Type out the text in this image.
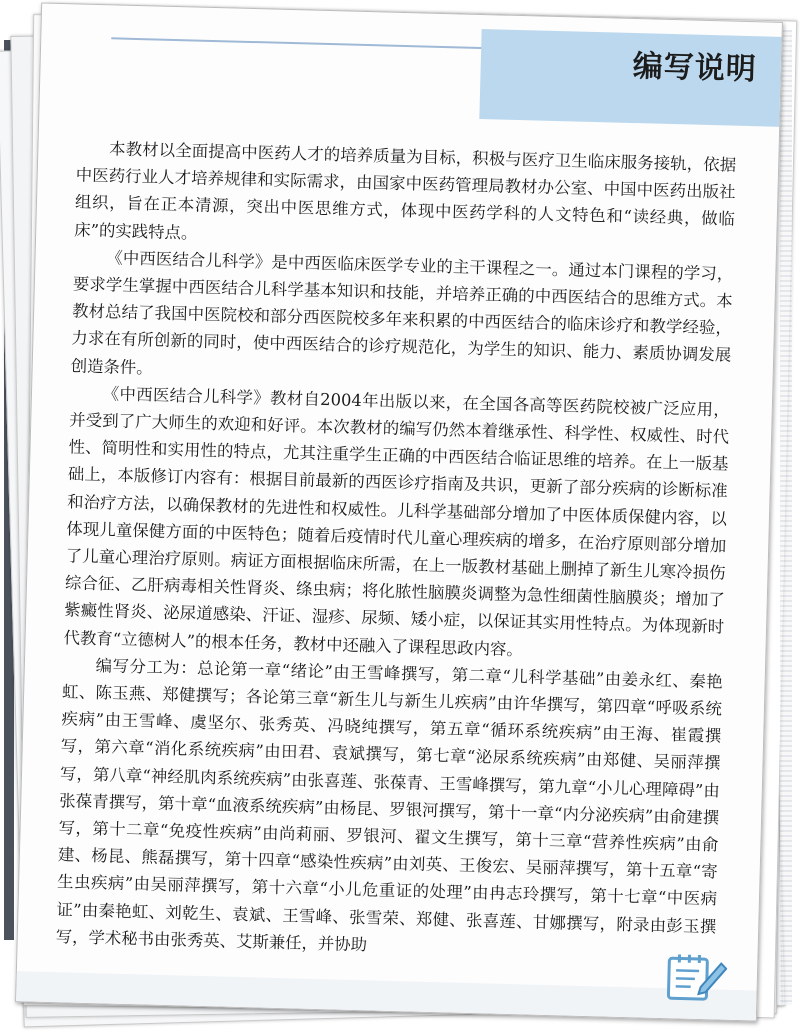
编写说明

本教材以全面提高中医药人才的培养质量为目标，积极与医疗卫生临床服务接轨，依据中医药行业人才培养规律和实际需求，由国家中医药管理局教材办公室、中国中医药出版社组织，旨在正本清源，突出中医思维方式，体现中医药学科的人文特色和“读经典，做临床”的实践特点。

《中西医结合儿科学》是中西医临床医学专业的主干课程之一。通过本门课程的学习，要求学生掌握中西医结合儿科学基本知识和技能，并培养正确的中西医结合的思维方式。本教材总结了我国中医院校和部分西医院校多年来积累的中西医结合的临床诊疗和教学经验，力求在有所创新的同时，使中西医结合的诊疗规范化，为学生的知识、能力、素质协调发展创造条件。

《中西医结合儿科学》教材自2004年出版以来，在全国各高等医药院校被广泛应用，并受到了广大师生的欢迎和好评。本次教材的编写仍然本着继承性、科学性、权威性、时代性、简明性和实用性的特点，尤其注重学生正确的中西医结合临证思维的培养。在上一版基础上，本版修订内容有：根据目前最新的西医诊疗指南及共识，更新了部分疾病的诊断标准和治疗方法，以确保教材的先进性和权威性。儿科学基础部分增加了中医体质保健内容，以体现儿童保健方面的中医特色；随着后疫情时代儿童心理疾病的增多，在治疗原则部分增加了儿童心理治疗原则。病证方面根据临床所需，在上一版教材基础上删掉了新生儿寒冷损伤综合征、乙肝病毒相关性肾炎、绦虫病；将化脓性脑膜炎调整为急性细菌性脑膜炎；增加了紫癜性肾炎、泌尿道感染、汗证、湿疹、尿频、矮小症，以保证其实用性特点。为体现新时代教育“立德树人”的根本任务，教材中还融入了课程思政内容。

编写分工为：总论第一章“绪论”由王雪峰撰写，第二章“儿科学基础”由姜永红、秦艳虹、陈玉燕、郑健撰写；各论第三章“新生儿与新生儿疾病”由许华撰写，第四章“呼吸系统疾病”由王雪峰、虞坚尔、张秀英、冯晓纯撰写，第五章“循环系统疾病”由王海、崔霞撰写，第六章“消化系统疾病”由田君、袁斌撰写，第七章“泌尿系统疾病”由郑健、吴丽萍撰写，第八章“神经肌肉系统疾病”由张喜莲、张葆青、王雪峰撰写，第九章“小儿心理障碍”由张葆青撰写，第十章“血液系统疾病”由杨昆、罗银河撰写，第十一章“内分泌疾病”由俞建撰写，第十二章“免疫性疾病”由尚莉丽、罗银河、翟文生撰写，第十三章“营养性疾病”由俞建、杨昆、熊磊撰写，第十四章“感染性疾病”由刘英、王俊宏、吴丽萍撰写，第十五章“寄生虫疾病”由吴丽萍撰写，第十六章“小儿危重证的处理”由冉志玲撰写，第十七章“中医病证”由秦艳虹、刘乾生、袁斌、王雪峰、张雪荣、郑健、张喜莲、甘娜撰写，附录由彭玉撰写，学术秘书由张秀英、艾斯兼任，并协助
